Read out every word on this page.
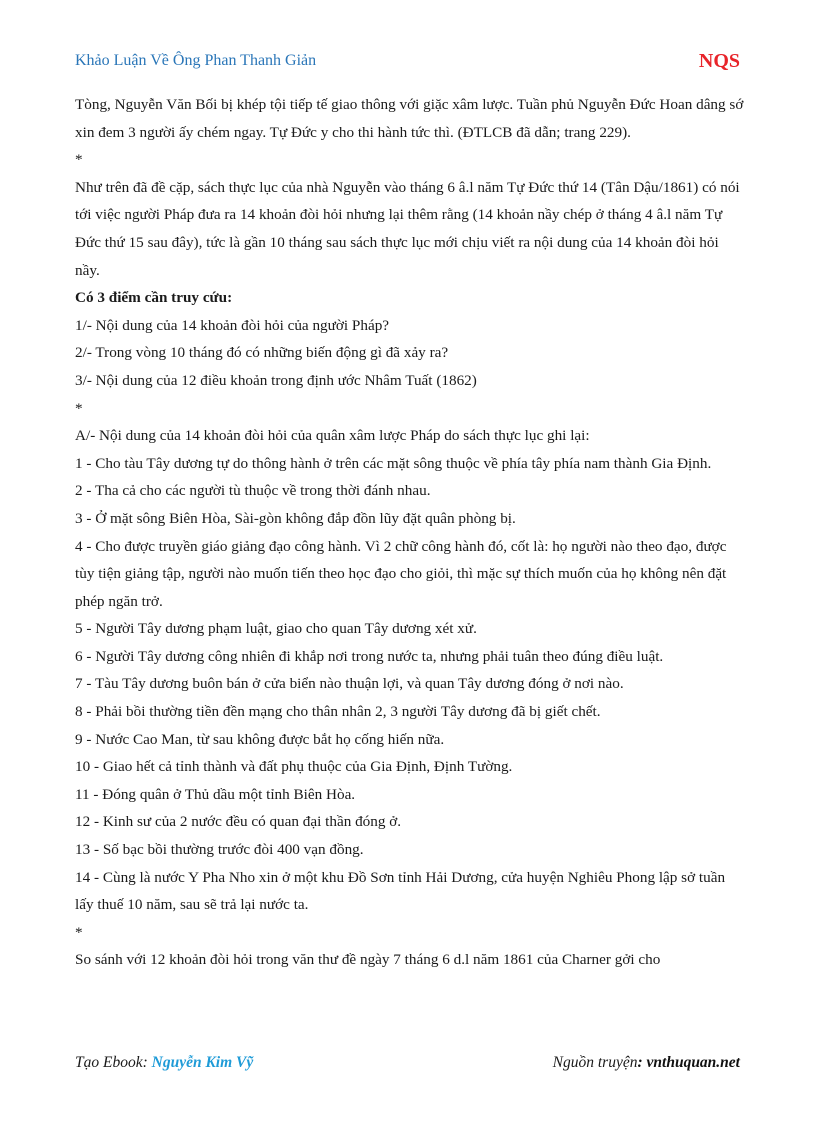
Khảo Luận Về Ông Phan Thanh Giản	NQS

Tòng, Nguyễn Văn Bối bị khép tội tiếp tế giao thông với giặc xâm lược. Tuần phủ Nguyễn Đức Hoan dâng sớ xin đem 3 người ấy chém ngay. Tự Đức y cho thi hành tức thì. (ĐTLCB đã dẫn; trang 229).

*

Như trên đã đề cặp, sách thực lục của nhà Nguyễn vào tháng 6 â.l năm Tự Đức thứ 14 (Tân Dậu/1861) có nói tới việc người Pháp đưa ra 14 khoản đòi hỏi nhưng lại thêm rằng (14 khoản nầy chép ở tháng 4 â.l năm Tự Đức thứ 15 sau đây), tức là gần 10 tháng sau sách thực lục mới chịu viết ra nội dung của 14 khoản đòi hỏi nầy.

Có 3 điểm cần truy cứu:

1/- Nội dung của 14 khoản đòi hỏi của người Pháp?

2/- Trong vòng 10 tháng đó có những biến động gì đã xảy ra?

3/- Nội dung của 12 điều khoản trong định ước Nhâm Tuất (1862)

*

A/- Nội dung của 14 khoản đòi hỏi của quân xâm lược Pháp do sách thực lục ghi lại:

1 - Cho tàu Tây dương tự do thông hành ở trên các mặt sông thuộc về phía tây phía nam thành Gia Định.

2 - Tha cả cho các người tù thuộc về trong thời đánh nhau.

3 - Ở mặt sông Biên Hòa, Sài-gòn không đắp đồn lũy đặt quân phòng bị.

4 - Cho được truyền giáo giảng đạo công hành. Vì 2 chữ công hành đó, cốt là: họ người nào theo đạo, được tùy tiện giảng tập, người nào muốn tiến theo học đạo cho giỏi, thì mặc sự thích muốn của họ không nên đặt phép ngăn trở.

5 - Người Tây dương phạm luật, giao cho quan Tây dương xét xử.

6 - Người Tây dương công nhiên đi khắp nơi trong nước ta, nhưng phải tuân theo đúng điều luật.

7 - Tàu Tây dương buôn bán ở cửa biển nào thuận lợi, và quan Tây dương đóng ở nơi nào.

8 - Phải bồi thường tiền đền mạng cho thân nhân 2, 3 người Tây dương đã bị giết chết.

9 - Nước Cao Man, từ sau không được bắt họ cống hiến nữa.

10 - Giao hết cả tỉnh thành và đất phụ thuộc của Gia Định, Định Tường.

11 - Đóng quân ở Thủ dầu một tỉnh Biên Hòa.

12 - Kinh sư của 2 nước đều có quan đại thần đóng ở.

13 - Số bạc bồi thường trước đòi 400 vạn đồng.

14 - Cùng là nước Y Pha Nho xin ở một khu Đồ Sơn tỉnh Hải Dương, cửa huyện Nghiêu Phong lập sở tuần lấy thuế 10 năm, sau sẽ trả lại nước ta.

*

So sánh với 12 khoản đòi hỏi trong văn thư đề ngày 7 tháng 6 d.l năm 1861 của Charner gởi cho

Tạo Ebook: Nguyễn Kim Vỹ	Nguồn truyện: vnthuquan.net
